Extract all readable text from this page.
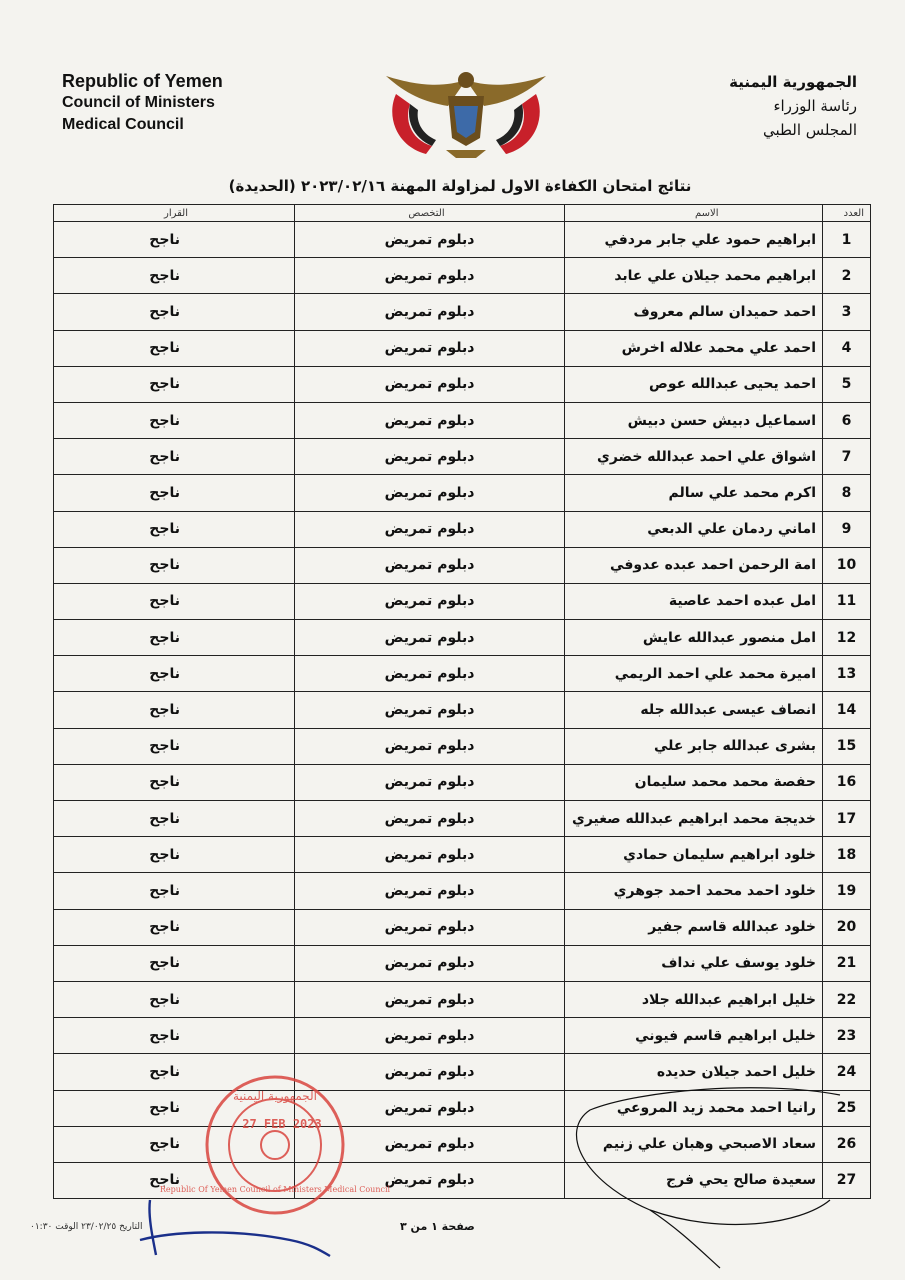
Republic of Yemen
Council of Ministers
Medical Council
الجمهورية اليمنية
رئاسة الوزراء
المجلس الطبي
نتائج امتحان الكفاءة الاول لمزاولة المهنة ٢٠٢٣/٠٢/١٦ (الحديدة)
العدد	الاسم	التخصص	القرار
1	ابراهيم حمود علي جابر مردفي	دبلوم تمريض	ناجح
2	ابراهيم محمد جيلان علي عابد	دبلوم تمريض	ناجح
3	احمد حميدان سالم معروف	دبلوم تمريض	ناجح
4	احمد علي محمد علاله اخرش	دبلوم تمريض	ناجح
5	احمد يحيى عبدالله عوص	دبلوم تمريض	ناجح
6	اسماعيل دبيش حسن دبيش	دبلوم تمريض	ناجح
7	اشواق علي احمد عبدالله خضري	دبلوم تمريض	ناجح
8	اكرم محمد علي سالم	دبلوم تمريض	ناجح
9	اماني ردمان علي الدبعي	دبلوم تمريض	ناجح
10	امة الرحمن احمد عبده عدوفي	دبلوم تمريض	ناجح
11	امل عبده احمد عاصية	دبلوم تمريض	ناجح
12	امل منصور عبدالله عايش	دبلوم تمريض	ناجح
13	اميرة محمد علي احمد الريمي	دبلوم تمريض	ناجح
14	انصاف عيسى عبدالله جله	دبلوم تمريض	ناجح
15	بشرى عبدالله جابر علي	دبلوم تمريض	ناجح
16	حفصة محمد محمد سليمان	دبلوم تمريض	ناجح
17	خديجة محمد ابراهيم عبدالله صغيري	دبلوم تمريض	ناجح
18	خلود ابراهيم سليمان حمادي	دبلوم تمريض	ناجح
19	خلود احمد محمد احمد جوهري	دبلوم تمريض	ناجح
20	خلود عبدالله قاسم جفير	دبلوم تمريض	ناجح
21	خلود يوسف علي نداف	دبلوم تمريض	ناجح
22	خليل ابراهيم عبدالله جلاد	دبلوم تمريض	ناجح
23	خليل ابراهيم قاسم فيوني	دبلوم تمريض	ناجح
24	خليل احمد جيلان حديده	دبلوم تمريض	ناجح
25	رانيا احمد محمد زيد المروعي	دبلوم تمريض	ناجح
26	سعاد الاصبحي وهبان علي زنيم	دبلوم تمريض	ناجح
27	سعيدة صالح يحي فرج	دبلوم تمريض	ناجح
الجمهورية اليمنية
27 FEB 2023
Republic Of Yemen Council of Ministers Medical Council
صفحة ١ من ٣
التاريخ ٢٣/٠٢/٢٥ الوقت ٠١:٣٠
